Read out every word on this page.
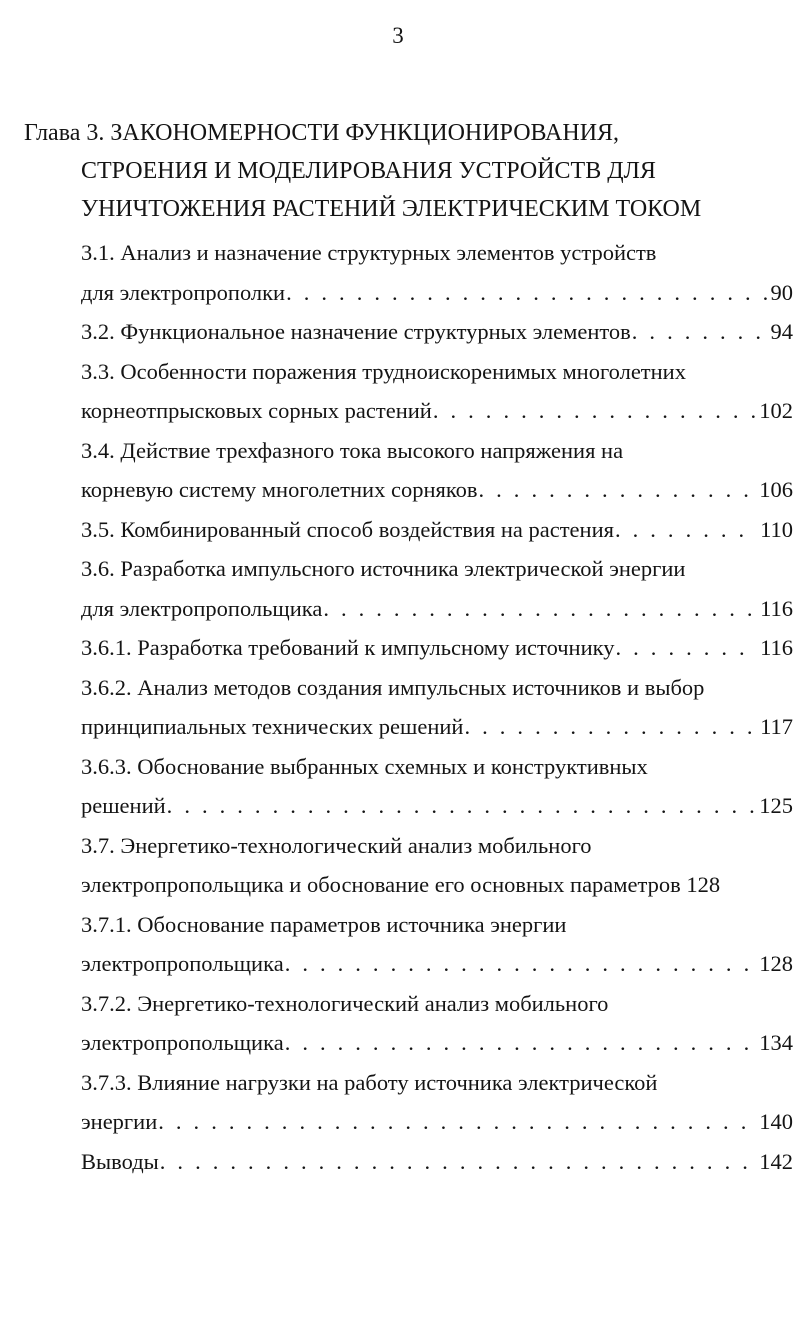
3
Глава 3. ЗАКОНОМЕРНОСТИ ФУНКЦИОНИРОВАНИЯ,
СТРОЕНИЯ И МОДЕЛИРОВАНИЯ УСТРОЙСТВ ДЛЯ
УНИЧТОЖЕНИЯ РАСТЕНИЙ ЭЛЕКТРИЧЕСКИМ ТОКОМ
3.1. Анализ и назначение структурных элементов устройств
для электропрополки . . .	90
3.2. Функциональное назначение структурных элементов . . .	94
3.3. Особенности поражения трудноискоренимых многолетних
корнеотпрысковых сорных растений . . .	102
3.4. Действие трехфазного тока высокого напряжения на
корневую систему многолетних сорняков . . .	106
3.5. Комбинированный способ воздействия на растения . . .	110
3.6. Разработка импульсного источника электрической энергии
для электропропольщика . . .	116
3.6.1. Разработка требований к импульсному источнику . . .	116
3.6.2. Анализ методов создания импульсных источников и выбор
принципиальных технических решений . . .	117
3.6.3. Обоснование выбранных схемных и конструктивных
решений . . .	125
3.7. Энергетико-технологический анализ мобильного
электропропольщика и обоснование его основных параметров 128
3.7.1. Обоснование параметров источника энергии
электропропольщика . . .	128
3.7.2. Энергетико-технологический анализ мобильного
электропропольщика . . .	134
3.7.3. Влияние нагрузки на работу источника электрической
энергии . . .	140
Выводы . . .	142
